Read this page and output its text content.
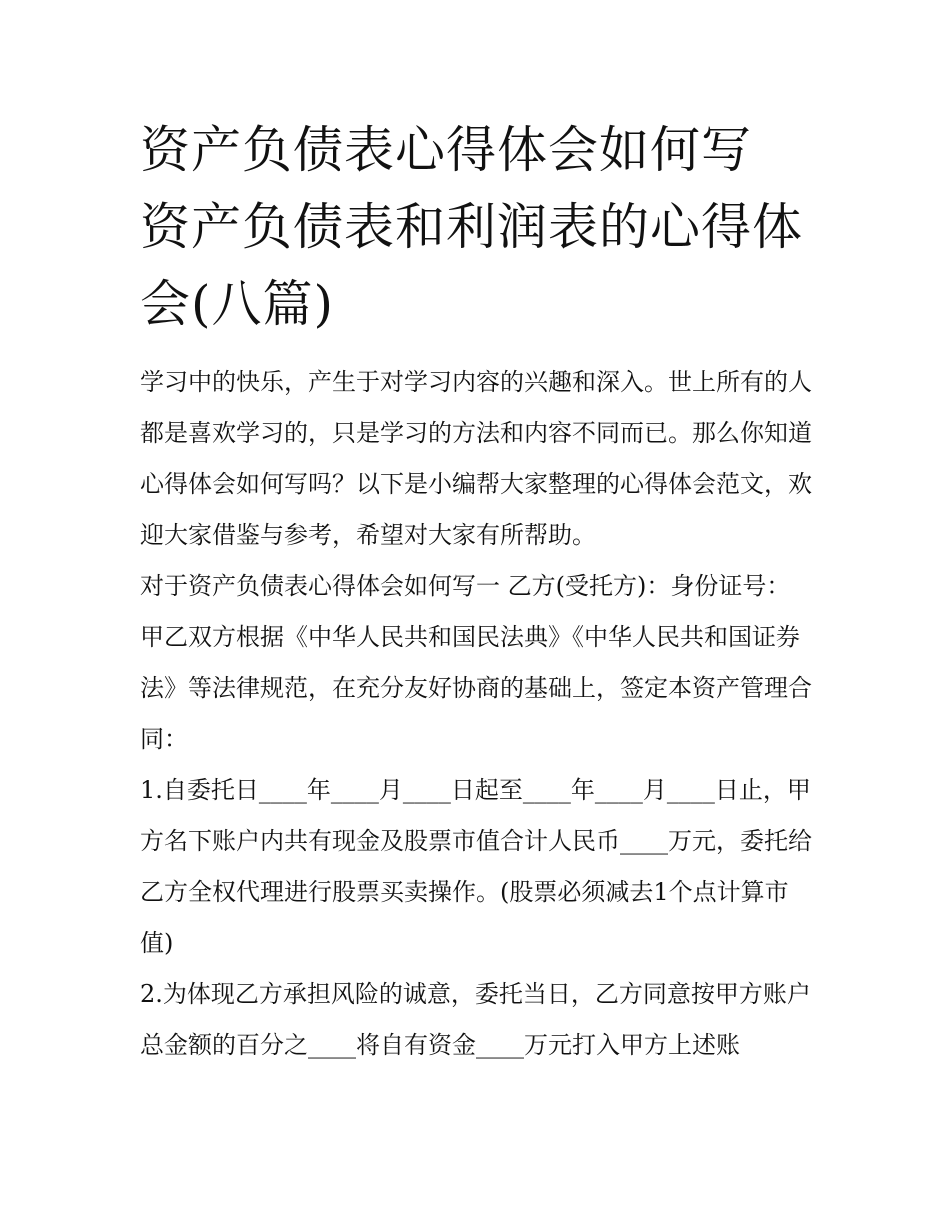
资产负债表心得体会如何写 资产负债表和利润表的心得体会(八篇)

学习中的快乐，产生于对学习内容的兴趣和深入。世上所有的人都是喜欢学习的，只是学习的方法和内容不同而已。那么你知道心得体会如何写吗？以下是小编帮大家整理的心得体会范文，欢迎大家借鉴与参考，希望对大家有所帮助。

对于资产负债表心得体会如何写一 乙方(受托方)：身份证号：

甲乙双方根据《中华人民共和国民法典》《中华人民共和国证券法》等法律规范，在充分友好协商的基础上，签定本资产管理合同：

1.自委托日____年____月____日起至____年____月____日止，甲方名下账户内共有现金及股票市值合计人民币____万元，委托给乙方全权代理进行股票买卖操作。(股票必须减去1个点计算市值)

2.为体现乙方承担风险的诚意，委托当日，乙方同意按甲方账户总金额的百分之____将自有资金____万元打入甲方上述账
